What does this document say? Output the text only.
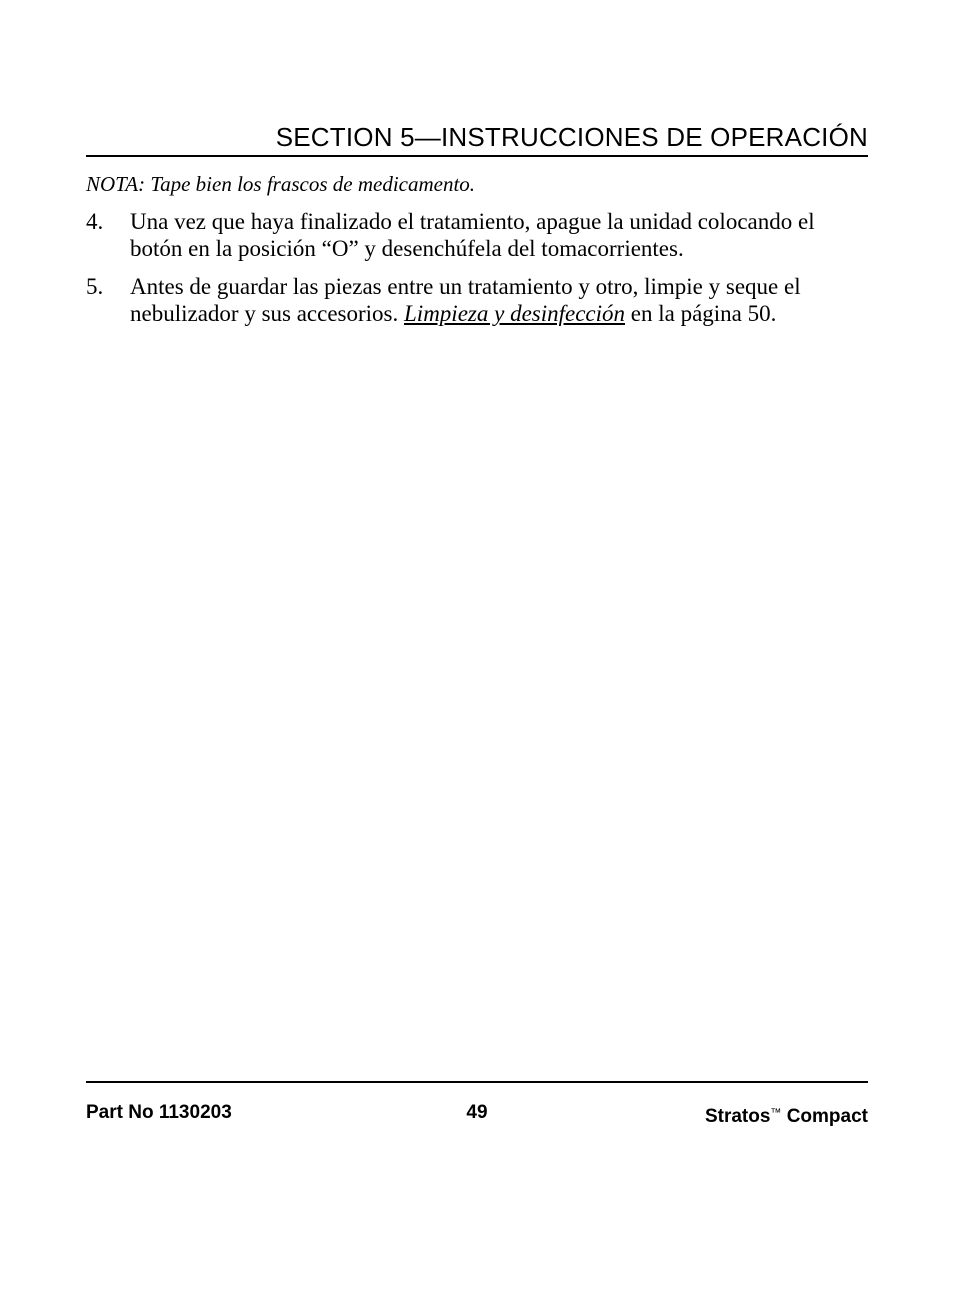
SECTION 5—INSTRUCCIONES DE OPERACIÓN
NOTA: Tape bien los frascos de medicamento.
4.	Una vez que haya finalizado el tratamiento, apague la unidad colocando el botón en la posición “O” y desenchúfela del tomacorrientes.
5.	Antes de guardar las piezas entre un tratamiento y otro, limpie y seque el nebulizador y sus accesorios. Limpieza y desinfección en la página 50.
Part No 1130203	49	Stratos™ Compact
